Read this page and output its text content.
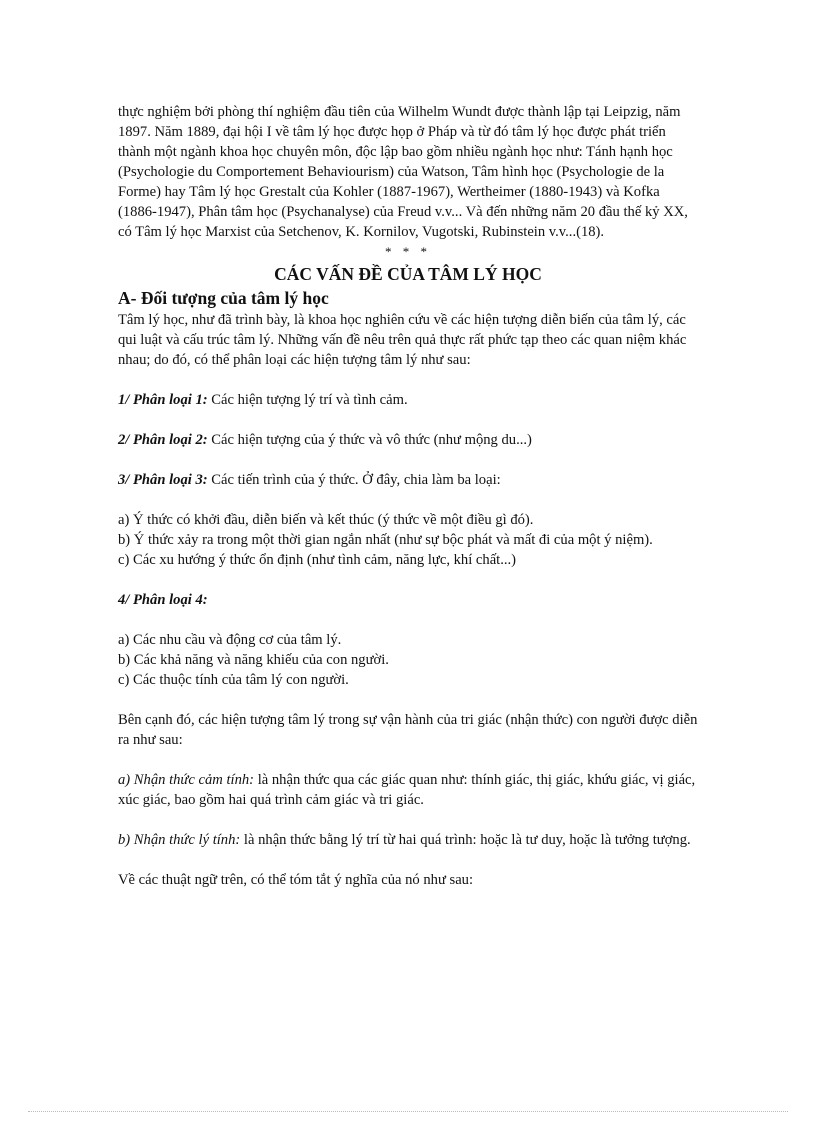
thực nghiệm bởi phòng thí nghiệm đầu tiên của Wilhelm Wundt được thành lập tại Leipzig, năm 1897. Năm 1889, đại hội I về tâm lý học được họp ở Pháp và từ đó tâm lý học được phát triển thành một ngành khoa học chuyên môn, độc lập bao gồm nhiều ngành học như: Tánh hạnh học (Psychologie du Comportement Behaviourism) của Watson, Tâm hình học (Psychologie de la Forme) hay Tâm lý học Grestalt của Kohler (1887-1967), Wertheimer (1880-1943) và Kofka (1886-1947), Phân tâm học (Psychanalyse) của Freud v.v... Và đến những năm 20 đầu thế kỷ XX, có Tâm lý học Marxist của Setchenov, K. Kornilov, Vugotski, Rubinstein v.v...(18).

* * *

CÁC VẤN ĐỀ CỦA TÂM LÝ HỌC

A- Đối tượng của tâm lý học

Tâm lý học, như đã trình bày, là khoa học nghiên cứu về các hiện tượng diễn biến của tâm lý, các qui luật và cấu trúc tâm lý. Những vấn đề nêu trên quả thực rất phức tạp theo các quan niệm khác nhau; do đó, có thể phân loại các hiện tượng tâm lý như sau:

1/ Phân loại 1: Các hiện tượng lý trí và tình cảm.

2/ Phân loại 2: Các hiện tượng của ý thức và vô thức (như mộng du...)

3/ Phân loại 3: Các tiến trình của ý thức. Ở đây, chia làm ba loại:

a) Ý thức có khởi đầu, diễn biến và kết thúc (ý thức về một điều gì đó).
b) Ý thức xảy ra trong một thời gian ngắn nhất (như sự bộc phát và mất đi của một ý niệm).
c) Các xu hướng ý thức ổn định (như tình cảm, năng lực, khí chất...)

4/ Phân loại 4:

a) Các nhu cầu và động cơ của tâm lý.
b) Các khả năng và năng khiếu của con người.
c) Các thuộc tính của tâm lý con người.

Bên cạnh đó, các hiện tượng tâm lý trong sự vận hành của tri giác (nhận thức) con người được diễn ra như sau:

a) Nhận thức cảm tính: là nhận thức qua các giác quan như: thính giác, thị giác, khứu giác, vị giác, xúc giác, bao gồm hai quá trình cảm giác và tri giác.

b) Nhận thức lý tính: là nhận thức bằng lý trí từ hai quá trình: hoặc là tư duy, hoặc là tưởng tượng.

Về các thuật ngữ trên, có thể tóm tắt ý nghĩa của nó như sau:
